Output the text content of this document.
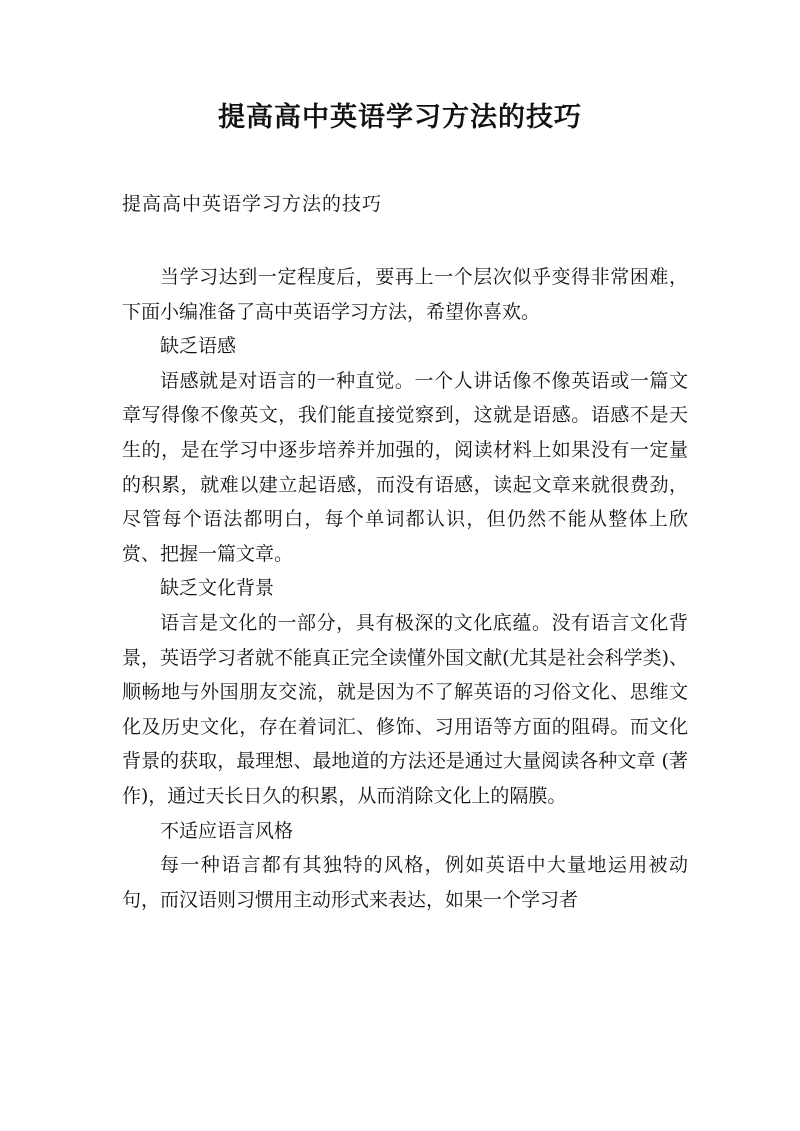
提高高中英语学习方法的技巧

提高高中英语学习方法的技巧

当学习达到一定程度后，要再上一个层次似乎变得非常困难，下面小编准备了高中英语学习方法，希望你喜欢。

缺乏语感

语感就是对语言的一种直觉。一个人讲话像不像英语或一篇文章写得像不像英文，我们能直接觉察到，这就是语感。语感不是天生的，是在学习中逐步培养并加强的，阅读材料上如果没有一定量的积累，就难以建立起语感，而没有语感，读起文章来就很费劲，尽管每个语法都明白，每个单词都认识，但仍然不能从整体上欣赏、把握一篇文章。

缺乏文化背景

语言是文化的一部分，具有极深的文化底蕴。没有语言文化背景，英语学习者就不能真正完全读懂外国文献(尤其是社会科学类)、顺畅地与外国朋友交流，就是因为不了解英语的习俗文化、思维文化及历史文化，存在着词汇、修饰、习用语等方面的阻碍。而文化背景的获取，最理想、最地道的方法还是通过大量阅读各种文章 (著作)，通过天长日久的积累，从而消除文化上的隔膜。

不适应语言风格

每一种语言都有其独特的风格，例如英语中大量地运用被动句，而汉语则习惯用主动形式来表达，如果一个学习者
